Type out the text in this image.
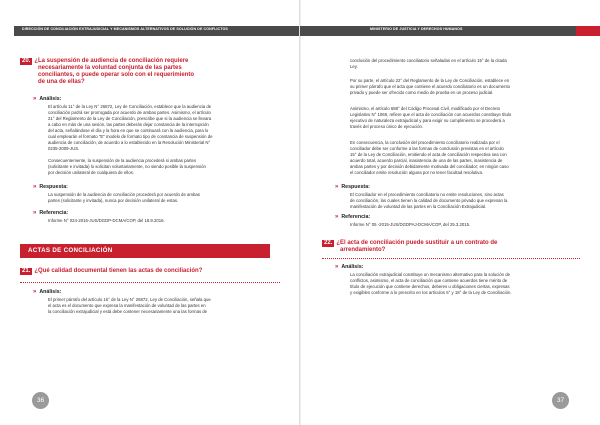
DIRECCIÓN DE CONCILIACIÓN EXTRAJUDICIAL Y MECANISMOS ALTERNATIVOS DE SOLUCIÓN DE CONFLICTOS
20. ¿La suspensión de audiencia de conciliación requiere
necesariamente la voluntad conjunta de las partes
conciliantes, o puede operar solo con el requerimiento
de una de ellas?
» Análisis:
El artículo 11° de la Ley N° 26872, Ley de Conciliación, establece que la audiencia de
conciliación podrá ser prorrogada por acuerdo de ambas partes. Asimismo, el artículo
21° del Reglamento de la Ley de Conciliación, prescribe que si la audiencia se llevara
a cabo en más de una sesión, las partes deberán dejar constancia de la interrupción
del acta, señalándose el día y la hora en que se continuará con la audiencia, para lo
cual emplearán el formato "E" modelo de formato tipo de constancia de suspensión de
audiencia de conciliación, de acuerdo a lo establecido en la Resolución Ministerial N°
0235-2009-JUS.
Consecuentemente, la suspensión de la audiencia procederá si ambas partes
(solicitante e invitada) lo solicitan voluntariamente, no siendo posible la suspensión
por decisión unilateral de cualquiera de ellos.
» Respuesta:
La suspensión de la audiencia de conciliación procederá por acuerdo de ambas
partes (solicitante y invitada), nunca por decisión unilateral de estas.
» Referencia:
Informe N° 024-2016-JUS/DGDP-DCMA/COP, del 18.9.2016.
ACTAS DE CONCILIACIÓN
21. ¿Qué calidad documental tienen las actas de conciliación?
» Análisis:
El primer párrafo del artículo 16° de la Ley N° 26872, Ley de Conciliación, señala que
el acta es el documento que expresa la manifestación de voluntad de las partes en
la conciliación extrajudicial y está debe contener necesariamente una las formas de
36
MINISTERIO DE JUSTICIA Y DERECHOS HUMANOS
conclusión del procedimiento conciliatorio señaladas en el artículo 15° de la citada
Ley.
Por su parte, el artículo 22° del Reglamento de la Ley de Conciliación, establece en
su primer párrafo que el acta que contiene el acuerdo conciliatorio es un documento
privado y puede ser ofrecido como medio de prueba en un proceso judicial.
Asimismo, el artículo 688° del Código Procesal Civil, modificado por el Decreto
Legislativo N° 1069, refiere que el acta de conciliación con acuerdos constituye título
ejecutivo de naturaleza extrajudicial y para exigir su cumplimiento se procederá a
través del proceso único de ejecución.
En consecuencia, la conclusión del procedimiento conciliatorio realizada por el
conciliador debe ser conforme a las formas de conclusión previstas en el artículo
15° de la Ley de Conciliación, emitiendo el acta de conciliación respectiva sea con
acuerdo total, acuerdo parcial, inasistencia de una de las partes, inasistencia de
ambas partes y por decisión debidamente motivada del conciliador; en ningún caso
el conciliador emite resolución alguna por no tener facultad resolutiva.
» Respuesta:
El Conciliador en el procedimiento conciliatorio no emite resoluciones, sino actas
de conciliación, las cuales tienen la calidad de documento privado que expresan la
manifestación de voluntad de las partes en la Conciliación Extrajudicial.
» Referencia:
Informe N° 05 -2015-JUS/DGDPAJ-DCMA/COP, del 25.3.2015.
22. ¿El acta de conciliación puede sustituir a un contrato de
arrendamiento?
» Análisis:
La conciliación extrajudicial constituye un mecanismo alternativo para la solución de
conflictos, asimismo, el acta de conciliación que contiene acuerdos tiene mérito de
título de ejecución que contiene derechos, deberes u obligaciones ciertas, expresas
y exigibles conforme a lo prescrito en los artículos 5° y 18° de la Ley de Conciliación.
37
